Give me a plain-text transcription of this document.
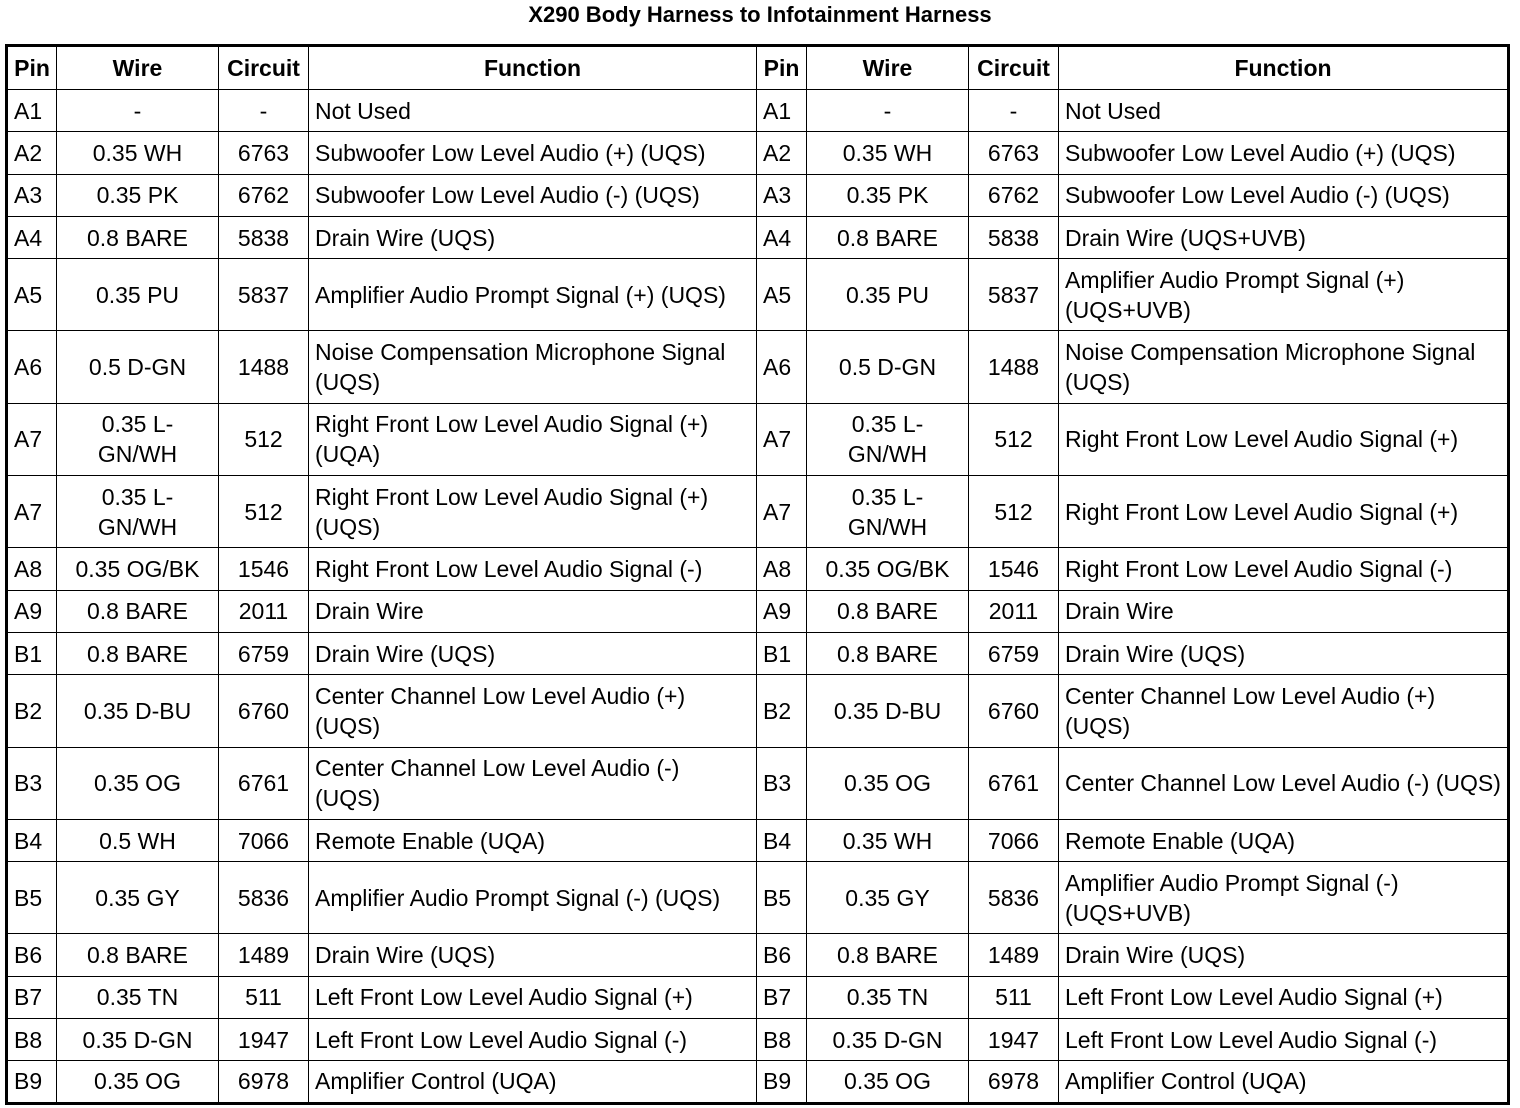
X290 Body Harness to Infotainment Harness
Pin	Wire	Circuit	Function	Pin	Wire	Circuit	Function
A1	-	-	Not Used	A1	-	-	Not Used
A2	0.35 WH	6763	Subwoofer Low Level Audio (+) (UQS)	A2	0.35 WH	6763	Subwoofer Low Level Audio (+) (UQS)
A3	0.35 PK	6762	Subwoofer Low Level Audio (-) (UQS)	A3	0.35 PK	6762	Subwoofer Low Level Audio (-) (UQS)
A4	0.8 BARE	5838	Drain Wire (UQS)	A4	0.8 BARE	5838	Drain Wire (UQS+UVB)
A5	0.35 PU	5837	Amplifier Audio Prompt Signal (+) (UQS)	A5	0.35 PU	5837	Amplifier Audio Prompt Signal (+) (UQS+UVB)
A6	0.5 D-GN	1488	Noise Compensation Microphone Signal (UQS)	A6	0.5 D-GN	1488	Noise Compensation Microphone Signal (UQS)
A7	0.35 L-GN/WH	512	Right Front Low Level Audio Signal (+) (UQA)	A7	0.35 L-GN/WH	512	Right Front Low Level Audio Signal (+)
A7	0.35 L-GN/WH	512	Right Front Low Level Audio Signal (+) (UQS)	A7	0.35 L-GN/WH	512	Right Front Low Level Audio Signal (+)
A8	0.35 OG/BK	1546	Right Front Low Level Audio Signal (-)	A8	0.35 OG/BK	1546	Right Front Low Level Audio Signal (-)
A9	0.8 BARE	2011	Drain Wire	A9	0.8 BARE	2011	Drain Wire
B1	0.8 BARE	6759	Drain Wire (UQS)	B1	0.8 BARE	6759	Drain Wire (UQS)
B2	0.35 D-BU	6760	Center Channel Low Level Audio (+) (UQS)	B2	0.35 D-BU	6760	Center Channel Low Level Audio (+) (UQS)
B3	0.35 OG	6761	Center Channel Low Level Audio (-) (UQS)	B3	0.35 OG	6761	Center Channel Low Level Audio (-) (UQS)
B4	0.5 WH	7066	Remote Enable (UQA)	B4	0.35 WH	7066	Remote Enable (UQA)
B5	0.35 GY	5836	Amplifier Audio Prompt Signal (-) (UQS)	B5	0.35 GY	5836	Amplifier Audio Prompt Signal (-) (UQS+UVB)
B6	0.8 BARE	1489	Drain Wire (UQS)	B6	0.8 BARE	1489	Drain Wire (UQS)
B7	0.35 TN	511	Left Front Low Level Audio Signal (+)	B7	0.35 TN	511	Left Front Low Level Audio Signal (+)
B8	0.35 D-GN	1947	Left Front Low Level Audio Signal (-)	B8	0.35 D-GN	1947	Left Front Low Level Audio Signal (-)
B9	0.35 OG	6978	Amplifier Control (UQA)	B9	0.35 OG	6978	Amplifier Control (UQA)
